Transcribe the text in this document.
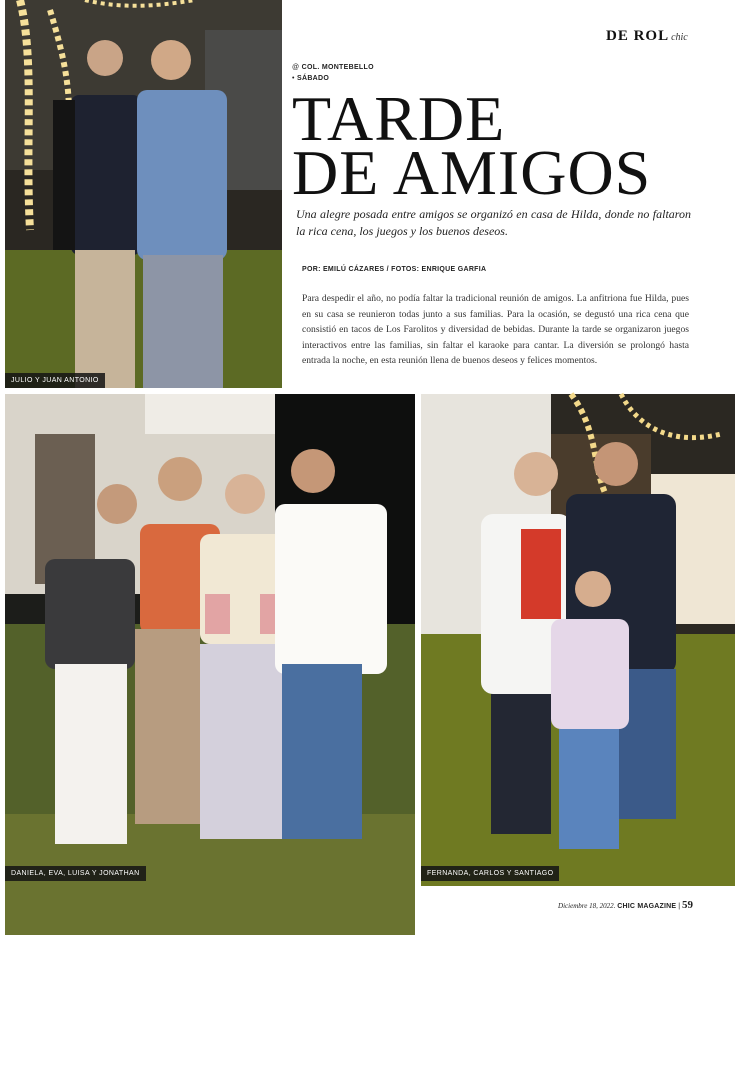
JULIO Y JUAN ANTONIO
DE ROL chic
@ COL. MONTEBELLO
• SÁBADO
TARDE
DE AMIGOS
Una alegre posada entre amigos se organizó en casa de Hilda, donde no faltaron la rica cena, los juegos y los buenos deseos.
POR: EMILÚ CÁZARES / FOTOS: ENRIQUE GARFIA
Para despedir el año, no podía faltar la tradicional reunión de amigos. La anfitriona fue Hilda, pues en su casa se reunieron todas junto a sus familias. Para la ocasión, se degustó una rica cena que consistió en tacos de Los Farolitos y diversidad de bebidas. Durante la tarde se organizaron juegos interactivos entre las familias, sin faltar el karaoke para cantar. La diversión se prolongó hasta entrada la noche, en esta reunión llena de buenos deseos y felices momentos.
Muy contentos de estar aquí y de poder desearles lo mejor a todos”.
HILDA
DANIELA, EVA, LUISA Y JONATHAN	FERNANDA, CARLOS Y SANTIAGO
Diciembre 18, 2022. CHIC MAGAZINE | 59
